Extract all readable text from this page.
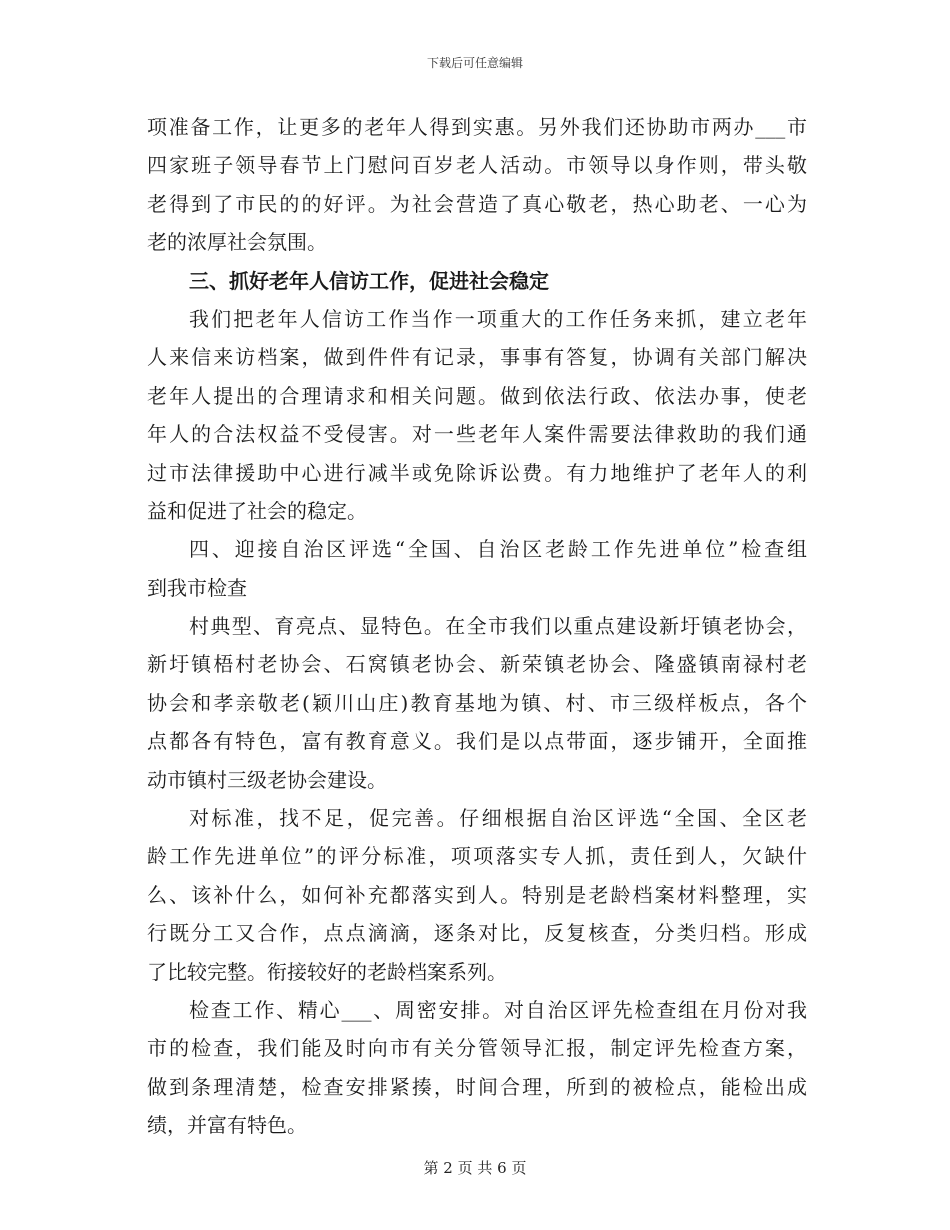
下载后可任意编辑
项准备工作，让更多的老年人得到实惠。另外我们还协助市两办___市
四家班子领导春节上门慰问百岁老人活动。市领导以身作则，带头敬
老得到了市民的的好评。为社会营造了真心敬老，热心助老、一心为
老的浓厚社会氛围。
三、抓好老年人信访工作，促进社会稳定
我们把老年人信访工作当作一项重大的工作任务来抓，建立老年
人来信来访档案，做到件件有记录，事事有答复，协调有关部门解决
老年人提出的合理请求和相关问题。做到依法行政、依法办事，使老
年人的合法权益不受侵害。对一些老年人案件需要法律救助的我们通
过市法律援助中心进行减半或免除诉讼费。有力地维护了老年人的利
益和促进了社会的稳定。
四、迎接自治区评选“全国、自治区老龄工作先进单位”检查组
到我市检查
村典型、育亮点、显特色。在全市我们以重点建设新圩镇老协会，
新圩镇梧村老协会、石窝镇老协会、新荣镇老协会、隆盛镇南禄村老
协会和孝亲敬老(颖川山庄)教育基地为镇、村、市三级样板点，各个
点都各有特色，富有教育意义。我们是以点带面，逐步铺开，全面推
动市镇村三级老协会建设。
对标准，找不足，促完善。仔细根据自治区评选“全国、全区老
龄工作先进单位”的评分标准，项项落实专人抓，责任到人，欠缺什
么、该补什么，如何补充都落实到人。特别是老龄档案材料整理，实
行既分工又合作，点点滴滴，逐条对比，反复核查，分类归档。形成
了比较完整。衔接较好的老龄档案系列。
检查工作、精心___、周密安排。对自治区评先检查组在月份对我
市的检查，我们能及时向市有关分管领导汇报，制定评先检查方案，
做到条理清楚，检查安排紧揍，时间合理，所到的被检点，能检出成
绩，并富有特色。
第 2 页 共 6 页
